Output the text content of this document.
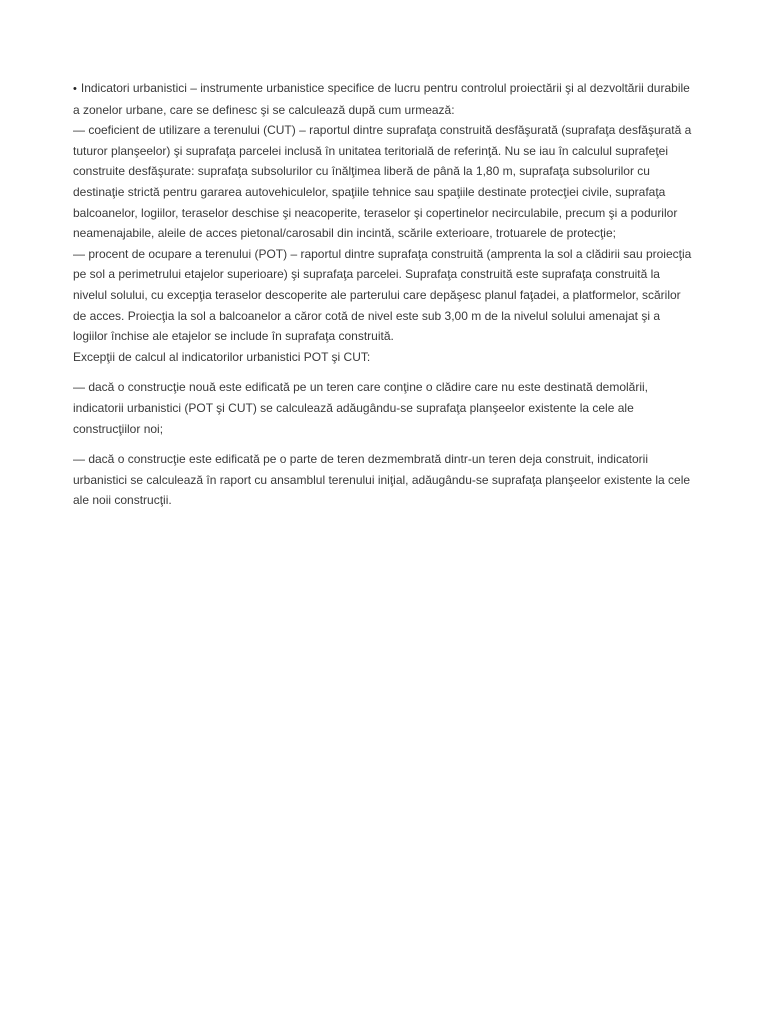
• Indicatori urbanistici – instrumente urbanistice specifice de lucru pentru controlul proiectării şi al dezvoltării durabile a zonelor urbane, care se definesc şi se calculează după cum urmează:

— coeficient de utilizare a terenului (CUT) – raportul dintre suprafaţa construită desfăşurată (suprafaţa desfăşurată a tuturor planşeelor) şi suprafaţa parcelei inclusă în unitatea teritorială de referinţă. Nu se iau în calculul suprafeţei construite desfăşurate: suprafaţa subsolurilor cu înălţimea liberă de până la 1,80 m, suprafaţa subsolurilor cu destinaţie strictă pentru gararea autovehiculelor, spaţiile tehnice sau spaţiile destinate protecţiei civile, suprafaţa balcoanelor, logiilor, teraselor deschise şi neacoperite, teraselor şi copertinelor necirculabile, precum şi a podurilor neamenajabile, aleile de acces pietonal/carosabil din incintă, scările exterioare, trotuarele de protecţie;

— procent de ocupare a terenului (POT) – raportul dintre suprafaţa construită (amprenta la sol a clădirii sau proiecţia pe sol a perimetrului etajelor superioare) şi suprafaţa parcelei. Suprafaţa construită este suprafaţa construită la nivelul solului, cu excepţia teraselor descoperite ale parterului care depăşesc planul faţadei, a platformelor, scărilor de acces. Proiecţia la sol a balcoanelor a căror cotă de nivel este sub 3,00 m de la nivelul solului amenajat şi a logiilor închise ale etajelor se include în suprafaţa construită.

Excepţii de calcul al indicatorilor urbanistici POT şi CUT:

— dacă o construcţie nouă este edificată pe un teren care conţine o clădire care nu este destinată demolării, indicatorii urbanistici (POT şi CUT) se calculează adăugându-se suprafaţa planşeelor existente la cele ale construcţiilor noi;

— dacă o construcţie este edificată pe o parte de teren dezmembrată dintr-un teren deja construit, indicatorii urbanistici se calculează în raport cu ansamblul terenului iniţial, adăugându-se suprafaţa planşeelor existente la cele ale noii construcţii.
